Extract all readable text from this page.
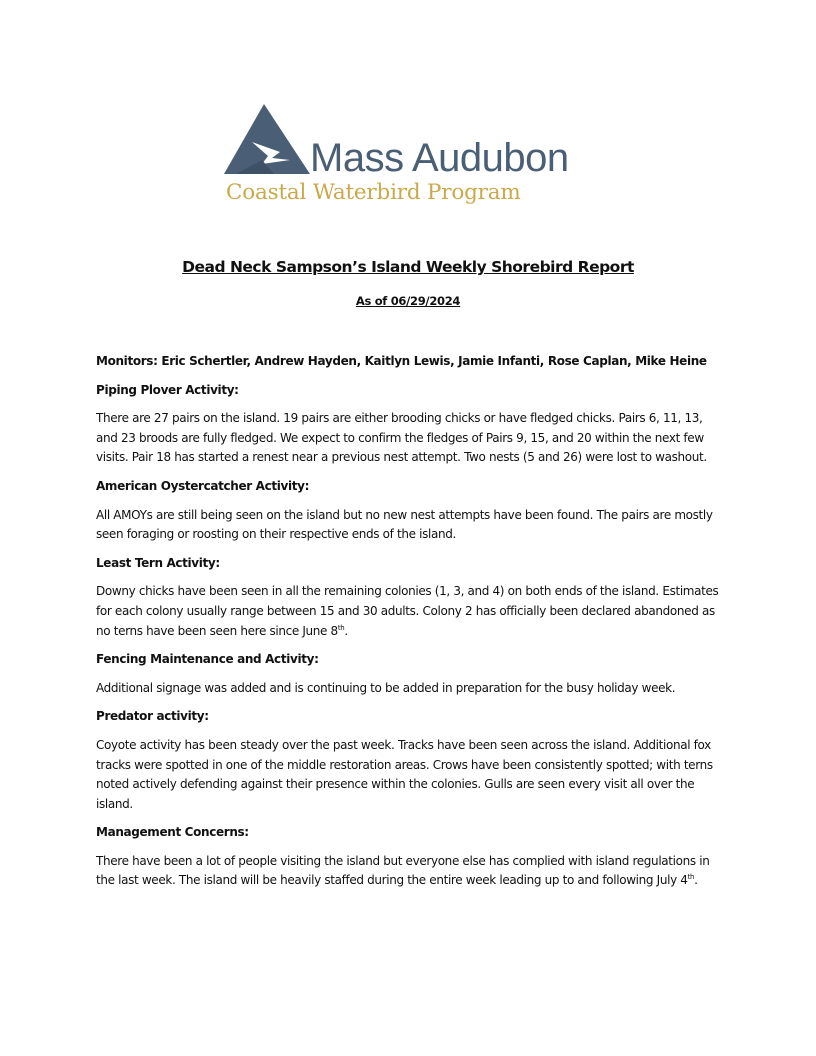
Mass Audubon
Coastal Waterbird Program
Dead Neck Sampson’s Island Weekly Shorebird Report
As of 06/29/2024

Monitors: Eric Schertler, Andrew Hayden, Kaitlyn Lewis, Jamie Infanti, Rose Caplan, Mike Heine

Piping Plover Activity:

There are 27 pairs on the island. 19 pairs are either brooding chicks or have fledged chicks. Pairs 6, 11, 13, and 23 broods are fully fledged. We expect to confirm the fledges of Pairs 9, 15, and 20 within the next few visits. Pair 18 has started a renest near a previous nest attempt. Two nests (5 and 26) were lost to washout.

American Oystercatcher Activity:

All AMOYs are still being seen on the island but no new nest attempts have been found. The pairs are mostly seen foraging or roosting on their respective ends of the island.

Least Tern Activity:

Downy chicks have been seen in all the remaining colonies (1, 3, and 4) on both ends of the island. Estimates for each colony usually range between 15 and 30 adults. Colony 2 has officially been declared abandoned as no terns have been seen here since June 8th.

Fencing Maintenance and Activity:

Additional signage was added and is continuing to be added in preparation for the busy holiday week.

Predator activity:

Coyote activity has been steady over the past week. Tracks have been seen across the island. Additional fox tracks were spotted in one of the middle restoration areas. Crows have been consistently spotted; with terns noted actively defending against their presence within the colonies. Gulls are seen every visit all over the island.

Management Concerns:

There have been a lot of people visiting the island but everyone else has complied with island regulations in the last week. The island will be heavily staffed during the entire week leading up to and following July 4th.
